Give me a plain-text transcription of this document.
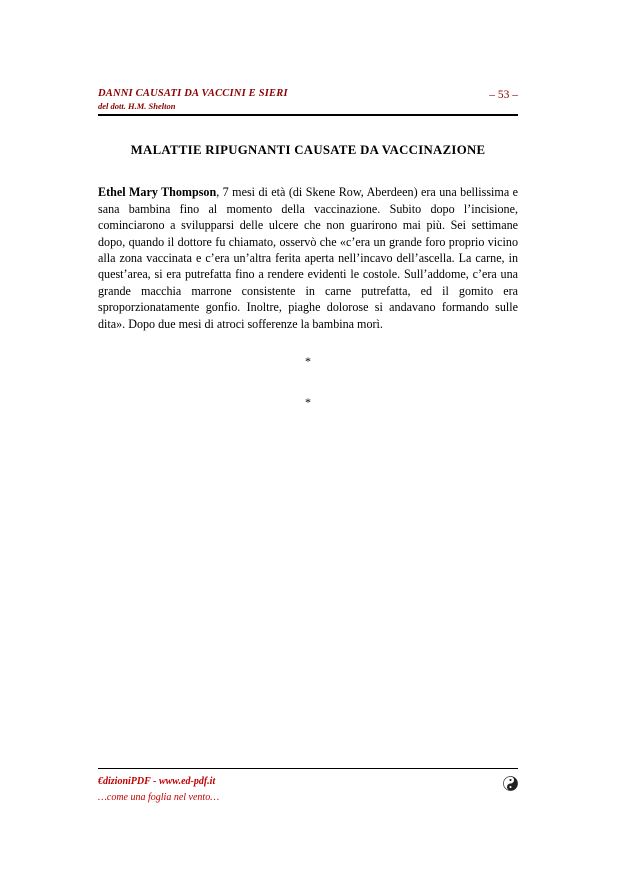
DANNI CAUSATI DA VACCINI E SIERI
del dott. H.M. Shelton
– 53 –
MALATTIE RIPUGNANTI CAUSATE DA VACCINAZIONE

Ethel Mary Thompson, 7 mesi di età (di Skene Row, Aberdeen) era una bellissima e sana bambina fino al momento della vaccinazione. Subito dopo l’incisione, cominciarono a svilupparsi delle ulcere che non guarirono mai più. Sei settimane dopo, quando il dottore fu chiamato, osservò che «c’era un grande foro proprio vicino alla zona vaccinata e c’era un’altra ferita aperta nell’incavo dell’ascella. La carne, in quest’area, si era putrefatta fino a rendere evidenti le costole. Sull’addome, c’era una grande macchia marrone consistente in carne putrefatta, ed il gomito era sproporzionatamente gonfio. Inoltre, piaghe dolorose si andavano formando sulle dita». Dopo due mesi di atroci sofferenze la bambina morì.

*
*
€dizioniPDF - www.ed-pdf.it
…come una foglia nel vento…
